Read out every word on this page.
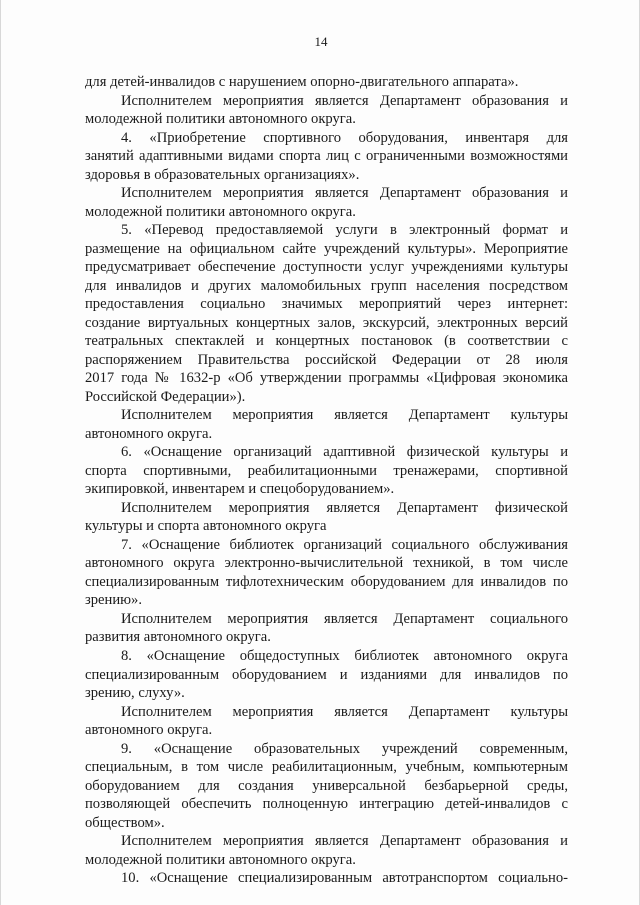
14
для детей-инвалидов с нарушением опорно-двигательного аппарата».
Исполнителем мероприятия является Департамент образования и
молодежной политики автономного округа.
4. «Приобретение спортивного оборудования, инвентаря для
занятий адаптивными видами спорта лиц с ограниченными возможностями
здоровья в образовательных организациях».
Исполнителем мероприятия является Департамент образования и
молодежной политики автономного округа.
5. «Перевод предоставляемой услуги в электронный формат и
размещение на официальном сайте учреждений культуры». Мероприятие
предусматривает обеспечение доступности услуг учреждениями культуры
для инвалидов и других маломобильных групп населения посредством
предоставления социально значимых мероприятий через интернет:
создание виртуальных концертных залов, экскурсий, электронных версий
театральных спектаклей и концертных постановок (в соответствии с
распоряжением Правительства российской Федерации от 28 июля
2017 года № 1632-р «Об утверждении программы «Цифровая экономика
Российской Федерации»).
Исполнителем мероприятия является Департамент культуры
автономного округа.
6. «Оснащение организаций адаптивной физической культуры и
спорта спортивными, реабилитационными тренажерами, спортивной
экипировкой, инвентарем и спецоборудованием».
Исполнителем мероприятия является Департамент физической
культуры и спорта автономного округа
7. «Оснащение библиотек организаций социального обслуживания
автономного округа электронно-вычислительной техникой, в том числе
специализированным тифлотехническим оборудованием для инвалидов по
зрению».
Исполнителем мероприятия является Департамент социального
развития автономного округа.
8. «Оснащение общедоступных библиотек автономного округа
специализированным оборудованием и изданиями для инвалидов по
зрению, слуху».
Исполнителем мероприятия является Департамент культуры
автономного округа.
9. «Оснащение образовательных учреждений современным,
специальным, в том числе реабилитационным, учебным, компьютерным
оборудованием для создания универсальной безбарьерной среды,
позволяющей обеспечить полноценную интеграцию детей-инвалидов с
обществом».
Исполнителем мероприятия является Департамент образования и
молодежной политики автономного округа.
10. «Оснащение специализированным автотранспортом социально-
